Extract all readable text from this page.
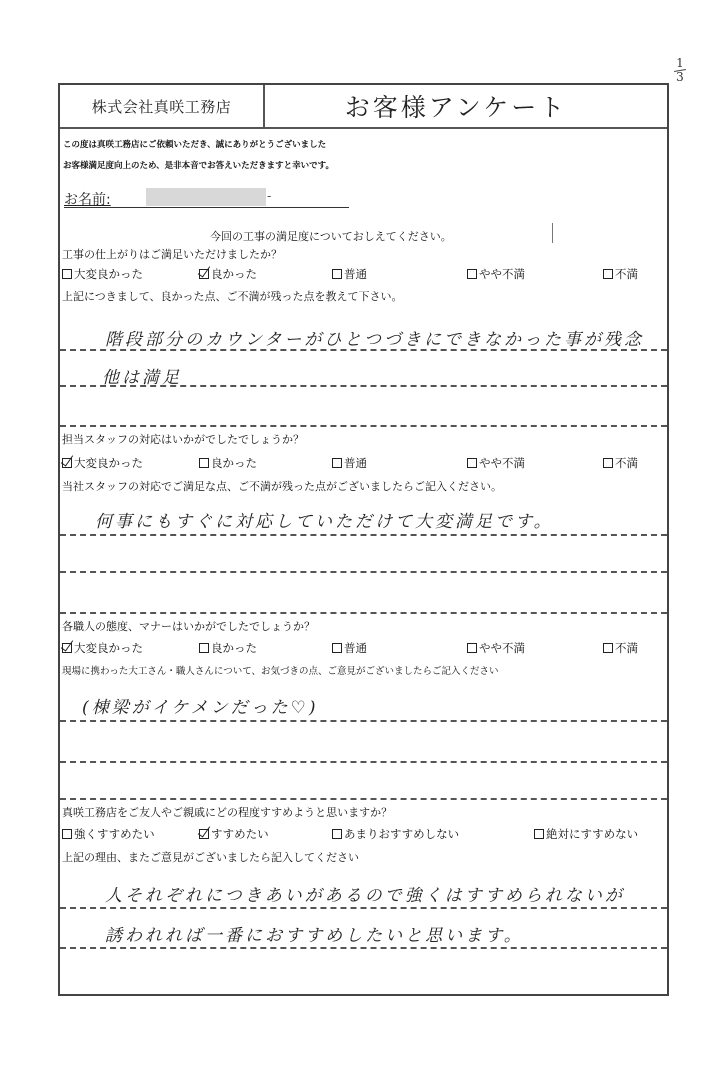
1
3
株式会社真咲工務店	お客様アンケート
この度は真咲工務店にご依頼いただき、誠にありがとうございました
お客様満足度向上のため、是非本音でお答えいただきますと幸いです。
お名前:	-
今回の工事の満足度についておしえてください。
工事の仕上がりはご満足いただけましたか？
大変良かった	良かった	普通	やや不満	不満
上記につきまして、良かった点、ご不満が残った点を教えて下さい。
階段部分のカウンターがひとつづきにできなかった事が残念
他は満足
担当スタッフの対応はいかがでしたでしょうか？
大変良かった	良かった	普通	やや不満	不満
当社スタッフの対応でご満足な点、ご不満が残った点がございましたらご記入ください。
何事にもすぐに対応していただけて大変満足です。
各職人の態度、マナーはいかがでしたでしょうか？
大変良かった	良かった	普通	やや不満	不満
現場に携わった大工さん・職人さんについて、お気づきの点、ご意見がございましたらご記入ください
(棟梁がイケメンだった♡)
真咲工務店をご友人やご親戚にどの程度すすめようと思いますか？
強くすすめたい	すすめたい	あまりおすすめしない	絶対にすすめない
上記の理由、またご意見がございましたら記入してください
人それぞれにつきあいがあるので強くはすすめられないが
誘われれば一番におすすめしたいと思います。
